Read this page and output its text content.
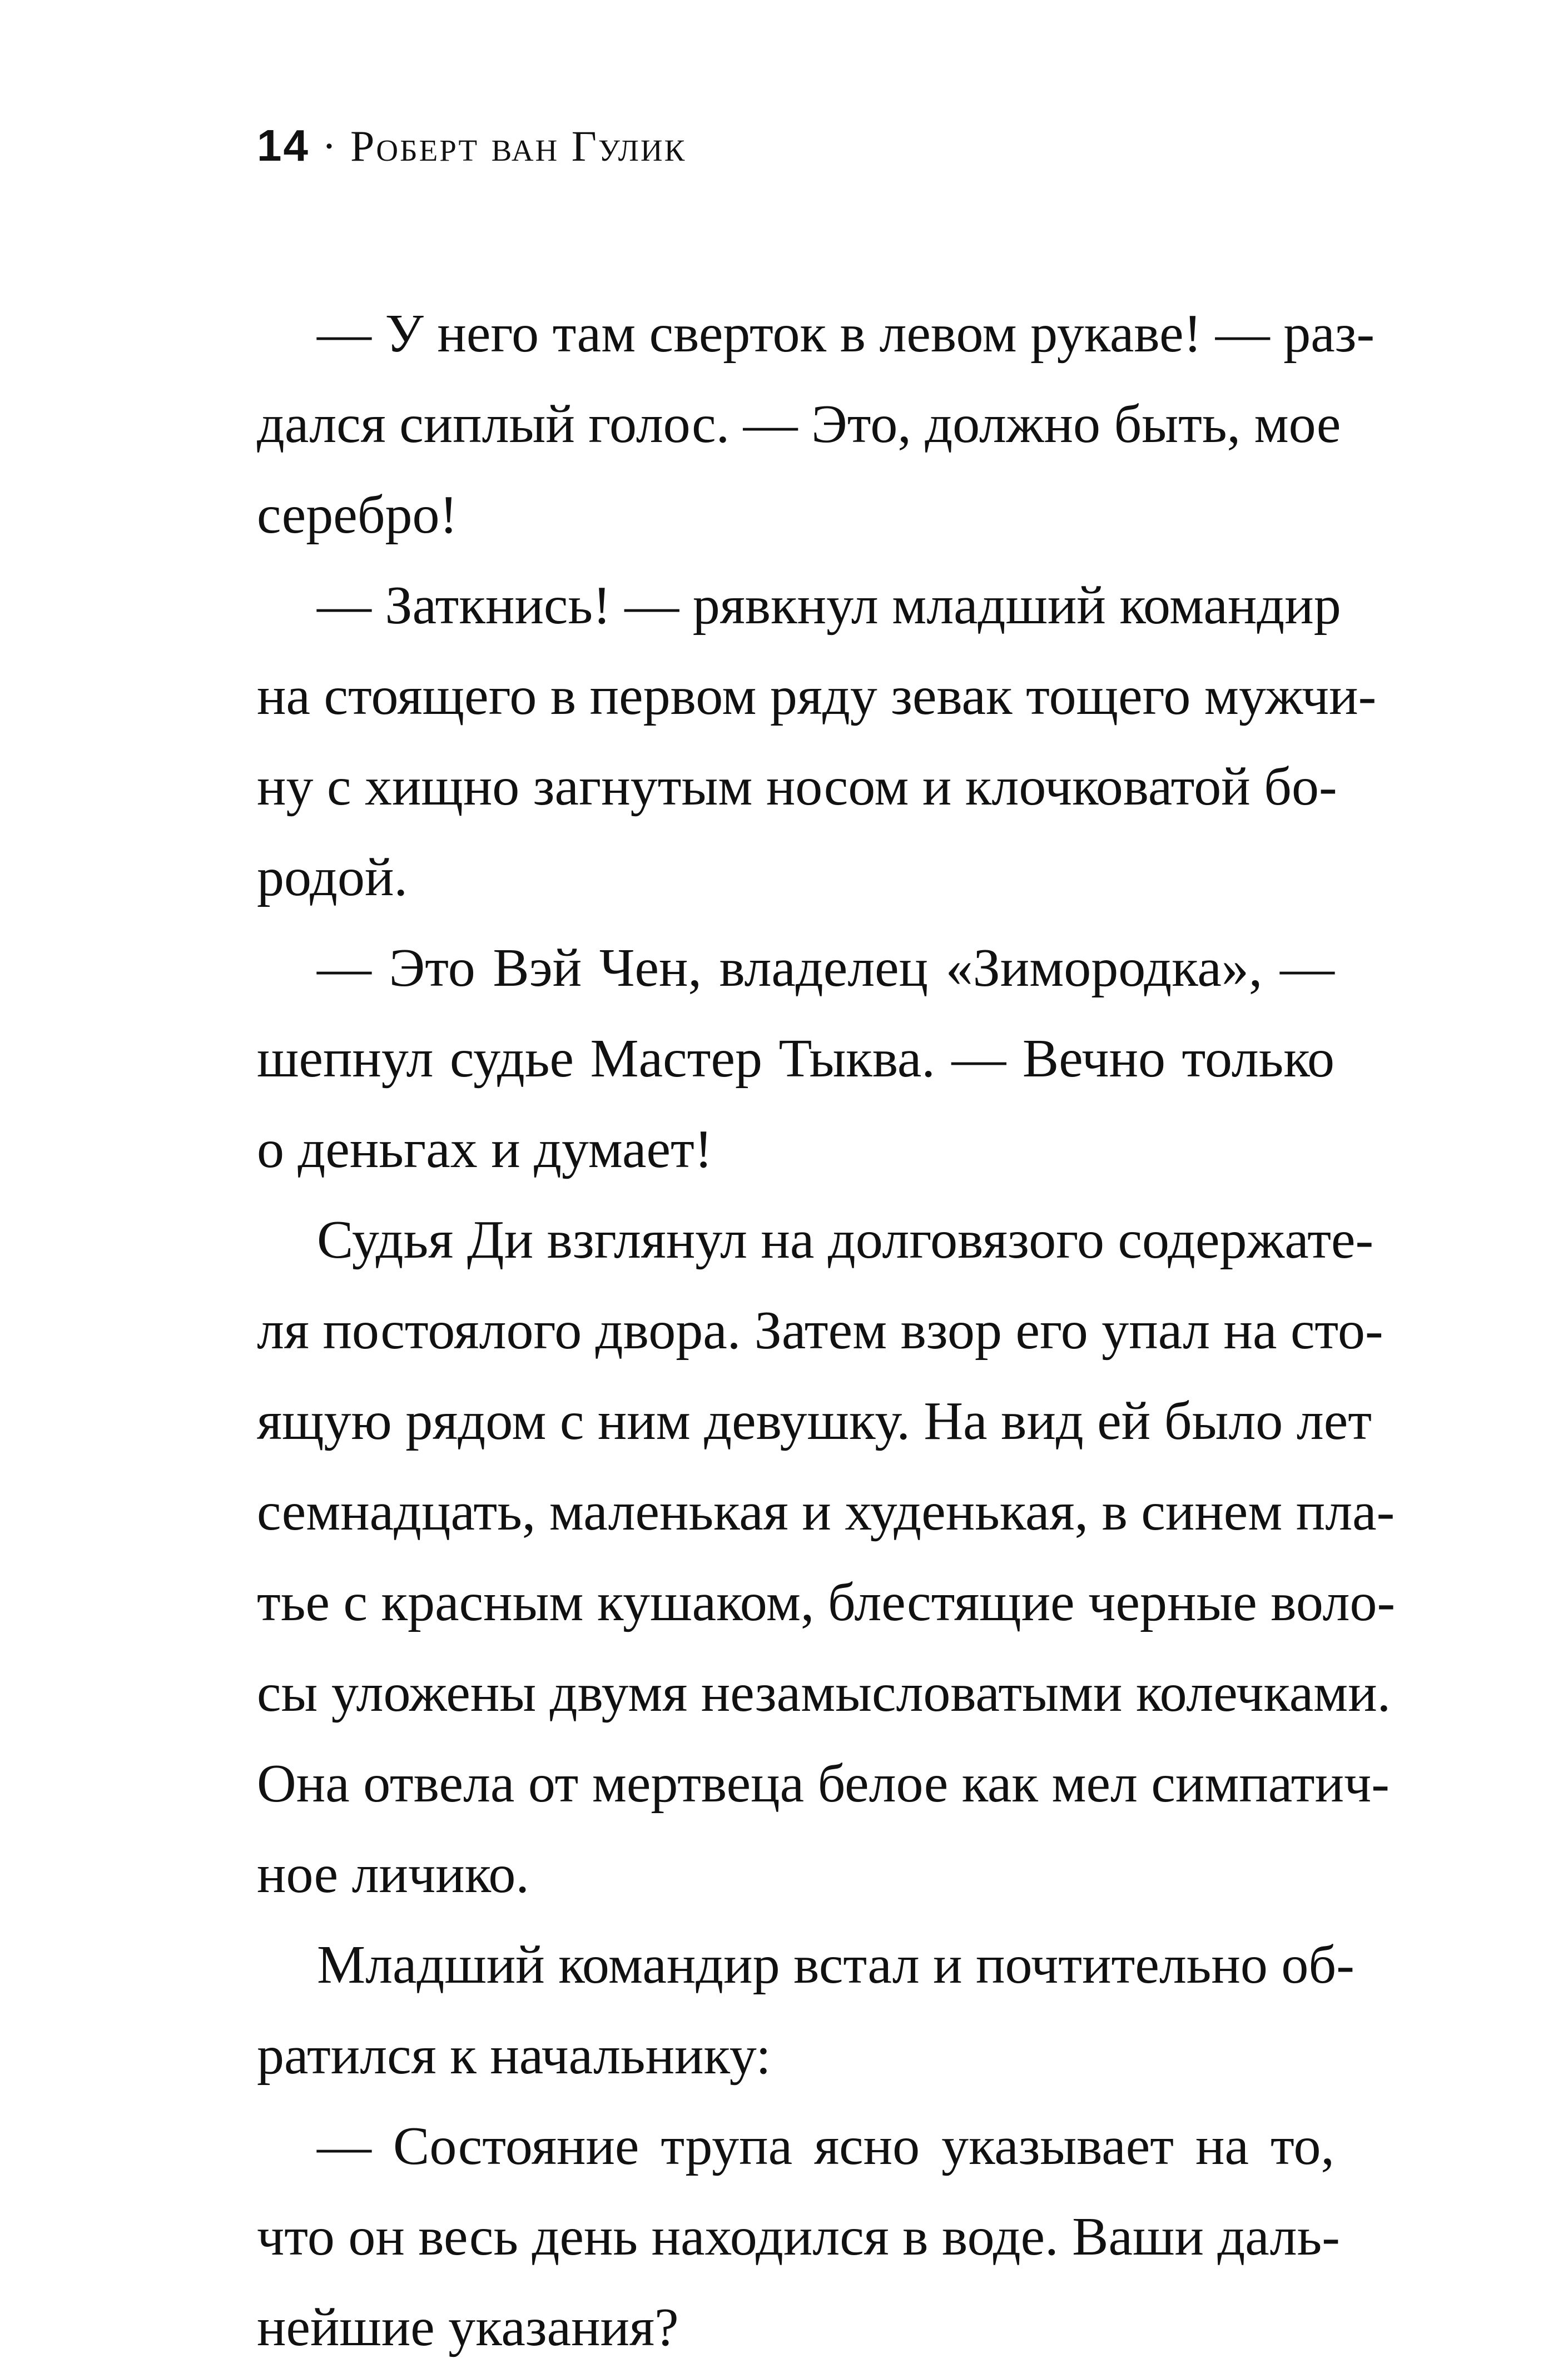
14 · Роберт ван Гулик
— У него там сверток в левом рукаве! — раз-
дался сиплый голос. — Это, должно быть, мое
серебро!
— Заткнись! — рявкнул младший командир
на стоящего в первом ряду зевак тощего мужчи-
ну с хищно загнутым носом и клочковатой бо-
родой.
— Это Вэй Чен, владелец «Зимородка», —
шепнул судье Мастер Тыква. — Вечно только
о деньгах и думает!
Судья Ди взглянул на долговязого содержате-
ля постоялого двора. Затем взор его упал на сто-
ящую рядом с ним девушку. На вид ей было лет
семнадцать, маленькая и худенькая, в синем пла-
тье с красным кушаком, блестящие черные воло-
сы уложены двумя незамысловатыми колечками.
Она отвела от мертвеца белое как мел симпатич-
ное личико.
Младший командир встал и почтительно об-
ратился к начальнику:
— Состояние трупа ясно указывает на то,
что он весь день находился в воде. Ваши даль-
нейшие указания?
